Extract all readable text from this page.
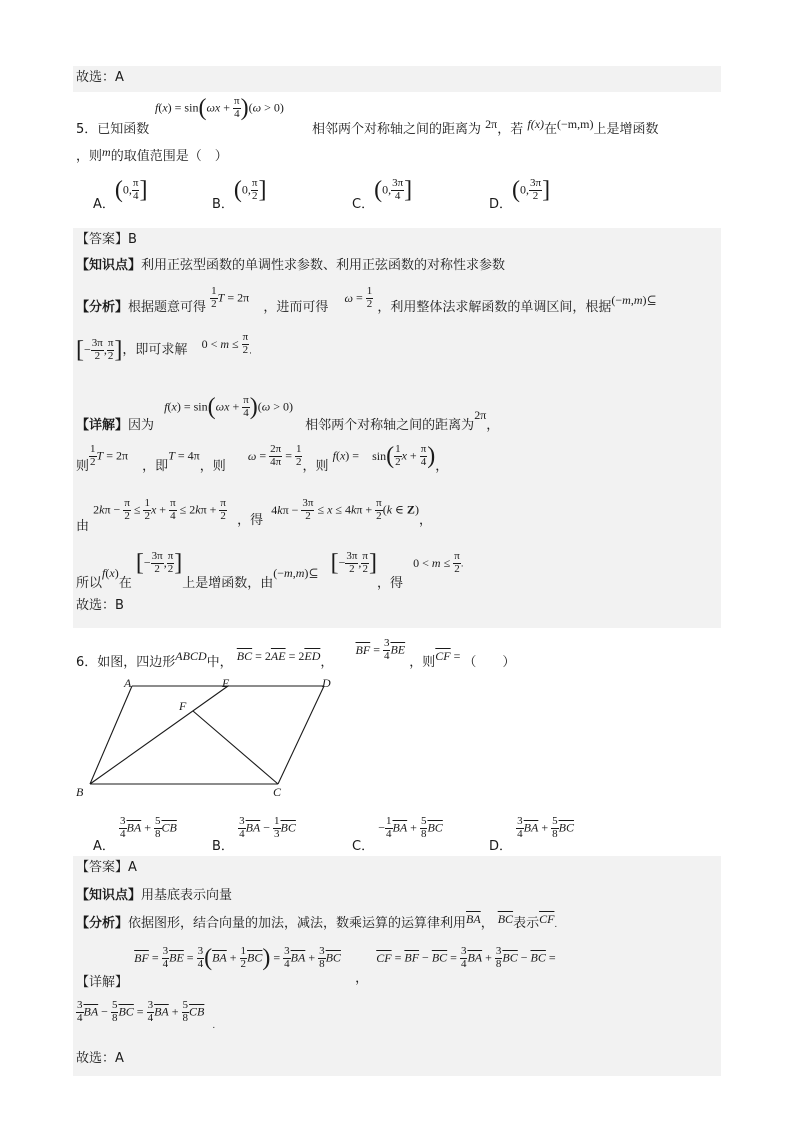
故选：A
$f(x) = \sin(\omega x + \frac{\pi}{4} )(\omega > 0)$
5．已知函数	相邻两个对称轴之间的距离为 2π，若 f(x)在(−m,m)上是增函数
，则m的取值范围是（　）
A．(0, $\frac{\pi}{4}$ ]
B．(0, $\frac{\pi}{2}$ ]
C．(0, $\frac{3\pi}{4}$ ]
D．(0, $\frac{3\pi}{2}$ ]
【答案】B
【知识点】利用正弦型函数的单调性求参数、利用正弦函数的对称性求参数
【分析】根据题意可得 $\frac{1}{2}$ T = 2π ，进而可得 $\omega = \frac{1}{2}$ ，利用整体法求解函数的单调区间，根据(−m,m)⊆
[− $\frac{3\pi}{2}$ , $\frac{\pi}{2}$ ]，即可求解 $0 < m \le \frac{\pi}{2}$ .
【详解】因为 $f(x) = \sin(\omega x + \frac{\pi}{4} )(\omega > 0)$ 相邻两个对称轴之间的距离为2π，
则 $\frac{1}{2}$ T = 2π ，即T = 4π，则 $\omega = \frac{2\pi}{4\pi} = \frac{1}{2}$ ，则 $f(x) = \sin( \frac{1}{2}$ $x + \frac{\pi}{4}$ )，
由 $2k\pi - \frac{\pi}{2} \le \frac{1}{2}$ $x + \frac{\pi}{4} \le 2k\pi + \frac{\pi}{2}$ ，得 $4k\pi - \frac{3\pi}{2} \le x \le 4k\pi + \frac{\pi}{2} (k$ ∈ Z)，
所以f(x)在 [− $\frac{3\pi}{2}$ , $\frac{\pi}{2}$ ]上是增函数，由(−m,m)⊆ [− $\frac{3\pi}{2}$ , $\frac{\pi}{2}$ ]，得 $0 < m \le \frac{\pi}{2}$ .
故选：B
6．如图，四边形ABCD中， $\overline{BC} = 2\overline{AE} = 2\overline{ED}$， $\overline{BF} = \frac{3}{4} \overline{BE}$ ，则$\overline{CF}$ = （　　）
A	E	D
F
B	C
A．
$\frac{3}{4} \overline{BA} + \frac{5}{8} \overline{CB}$
B．
$\frac{3}{4} \overline{BA} - \frac{1}{3} \overline{BC}$
C． − $\frac{1}{4} \overline{BA} + \frac{5}{8} \overline{BC}$
D．
$\frac{3}{4} \overline{BA} + \frac{5}{8} \overline{BC}$
【答案】A
【知识点】用基底表示向量
【分析】依据图形，结合向量的加法，减法，数乘运算的运算律利用$\overline{BA}$， $\overline{BC}$表示$\overline{CF}$.
【详解】 $\overline{BF} = \frac{3}{4} \overline{BE} = \frac{3}{4} (\overline{BA} + \frac{1}{2} \overline{BC}) = \frac{3}{4} \overline{BA} + \frac{3}{8} \overline{BC}$ ， $\overline{CF} = \overline{BF} - \overline{BC} = \frac{3}{4} \overline{BA} + \frac{3}{8} \overline{BC} - \overline{BC}$ =
$\frac{3}{4} \overline{BA} - \frac{5}{8} \overline{BC} = \frac{3}{4} \overline{BA} + \frac{5}{8} \overline{CB}_.$
故选：A
